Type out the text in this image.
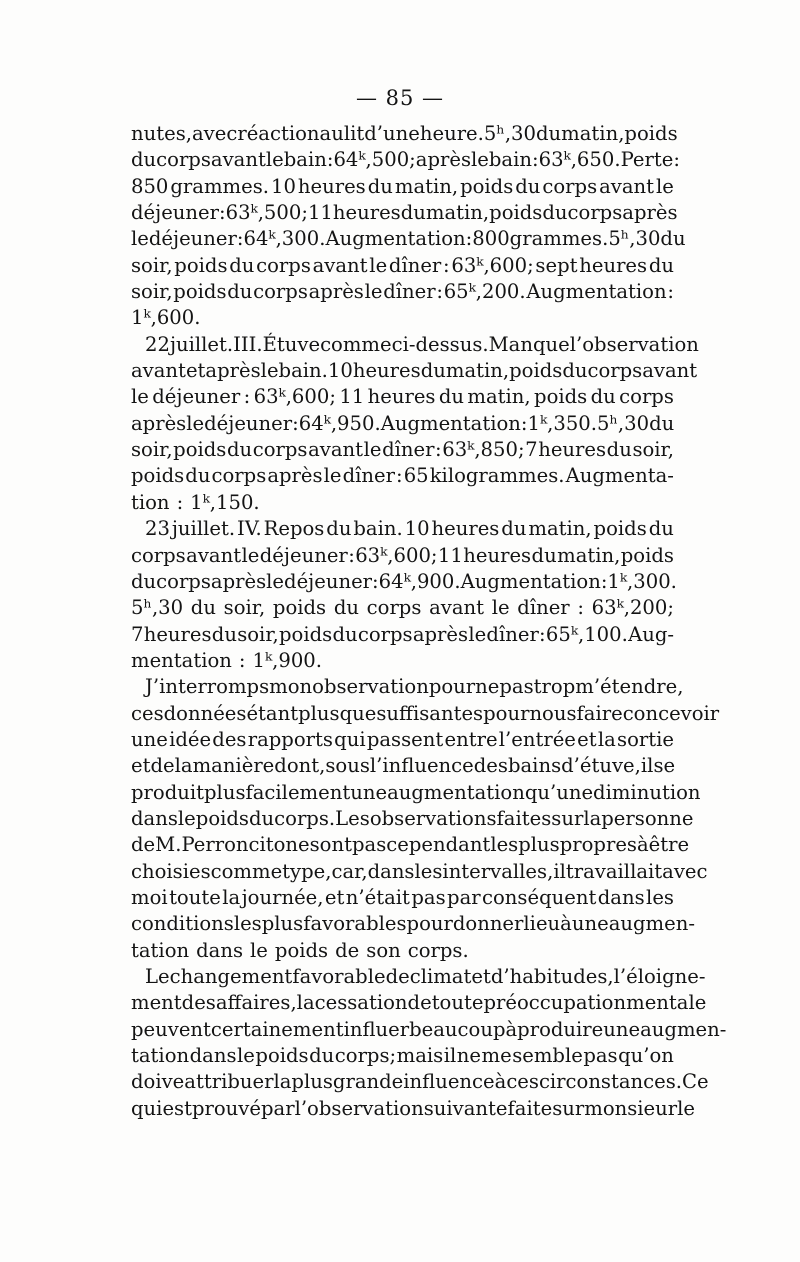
— 85 —
nutes, avec réaction au lit d’une heure. 5ʰ,30 du matin, poids
du corps avant le bain : 64ᵏ,500; après le bain : 63ᵏ,650. Perte :
850 grammes. 10 heures du matin, poids du corps avant le
déjeuner : 63ᵏ,500; 11 heures du matin, poids du corps après
le déjeuner : 64ᵏ,300. Augmentation : 800 grammes. 5ʰ,30 du
soir, poids du corps avant le dîner : 63ᵏ,600; sept heures du
soir, poids du corps après le dîner : 65ᵏ,200. Augmentation :
1ᵏ,600.
22 juillet. III. Étuve comme ci-dessus. Manque l’observation
avant et après le bain. 10 heures du matin, poids du corps avant
le déjeuner : 63ᵏ,600; 11 heures du matin, poids du corps
après le déjeuner : 64ᵏ,950. Augmentation : 1ᵏ,350. 5ʰ,30 du
soir, poids du corps avant le dîner : 63ᵏ,850; 7 heures du soir,
poids du corps après le dîner : 65 kilogrammes. Augmenta-
tion : 1ᵏ,150.
23 juillet. IV. Repos du bain. 10 heures du matin, poids du
corps avant le déjeuner : 63ᵏ,600; 11 heures du matin, poids
du corps après le déjeuner : 64ᵏ,900. Augmentation : 1ᵏ,300.
5ʰ,30 du soir, poids du corps avant le dîner : 63ᵏ,200;
7 heures du soir, poids du corps après le dîner : 65ᵏ,100. Aug-
mentation : 1ᵏ,900.
J’interromps mon observation pour ne pas trop m’étendre,
ces données étant plus que suffisantes pour nous faire concevoir
une idée des rapports qui passent entre l’entrée et la sortie
et de la manière dont, sous l’influence des bains d’étuve, il se
produit plus facilement une augmentation qu’une diminution
dans le poids du corps. Les observations faites sur la personne
de M. Perroncito ne sont pas cependant les plus propres à être
choisies comme type, car, dans les intervalles, il travaillait avec
moi toute la journée, et n’était pas par conséquent dans les
conditions les plus favorables pour donner lieu à une augmen-
tation dans le poids de son corps.
Le changement favorable de climat et d’habitudes, l’éloigne-
ment des affaires, la cessation de toute préoccupation mentale
peuvent certainement influer beaucoup à produire une augmen-
tation dans le poids du corps; mais il ne me semble pas qu’on
doive attribuer la plus grande influence à ces circonstances. Ce
qui est prouvé par l’observation suivante faite sur monsieur le
